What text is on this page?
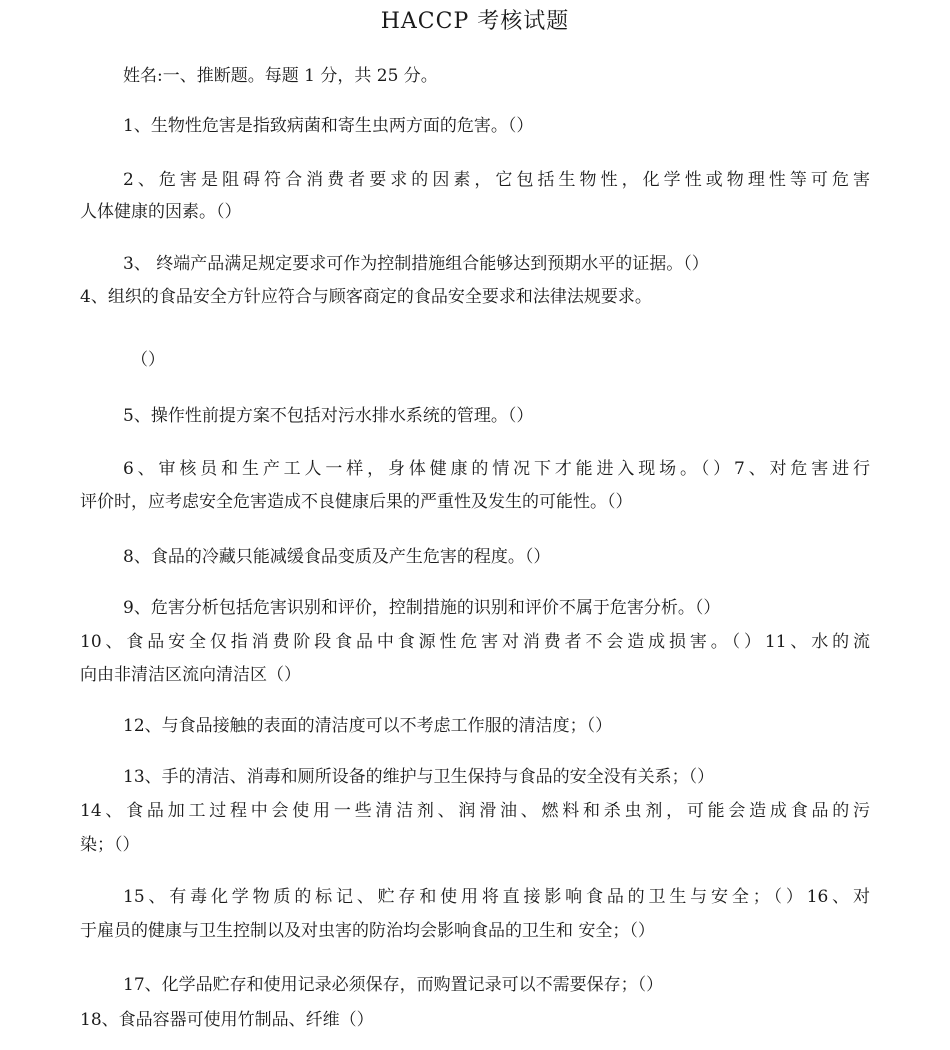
HACCP 考核试题
姓名:一、推断题。每题 1 分，共 25 分。
1、生物性危害是指致病菌和寄生虫两方面的危害。（）
2、危害是阻碍符合消费者要求的因素，它包括生物性，化学性或物理性等可危害
人体健康的因素。（）
3、 终端产品满足规定要求可作为控制措施组合能够达到预期水平的证据。（）
4、组织的食品安全方针应符合与顾客商定的食品安全要求和法律法规要求。
（）
5、操作性前提方案不包括对污水排水系统的管理。（）
6、审核员和生产工人一样，身体健康的情况下才能进入现场。（）7、对危害进行
评价时，应考虑安全危害造成不良健康后果的严重性及发生的可能性。（）
8、食品的冷藏只能减缓食品变质及产生危害的程度。（）
9、危害分析包括危害识别和评价，控制措施的识别和评价不属于危害分析。（）
10、食品安全仅指消费阶段食品中食源性危害对消费者不会造成损害。（）11、水的流
向由非清洁区流向清洁区（）
12、与食品接触的表面的清洁度可以不考虑工作服的清洁度；（）
13、手的清洁、消毒和厕所设备的维护与卫生保持与食品的安全没有关系；（）
14、食品加工过程中会使用一些清洁剂、润滑油、燃料和杀虫剂，可能会造成食品的污
染；（）
15、有毒化学物质的标记、贮存和使用将直接影响食品的卫生与安全；（）16、对
于雇员的健康与卫生控制以及对虫害的防治均会影响食品的卫生和 安全；（）
17、化学品贮存和使用记录必须保存，而购置记录可以不需要保存；（）
18、食品容器可使用竹制品、纤维（）
